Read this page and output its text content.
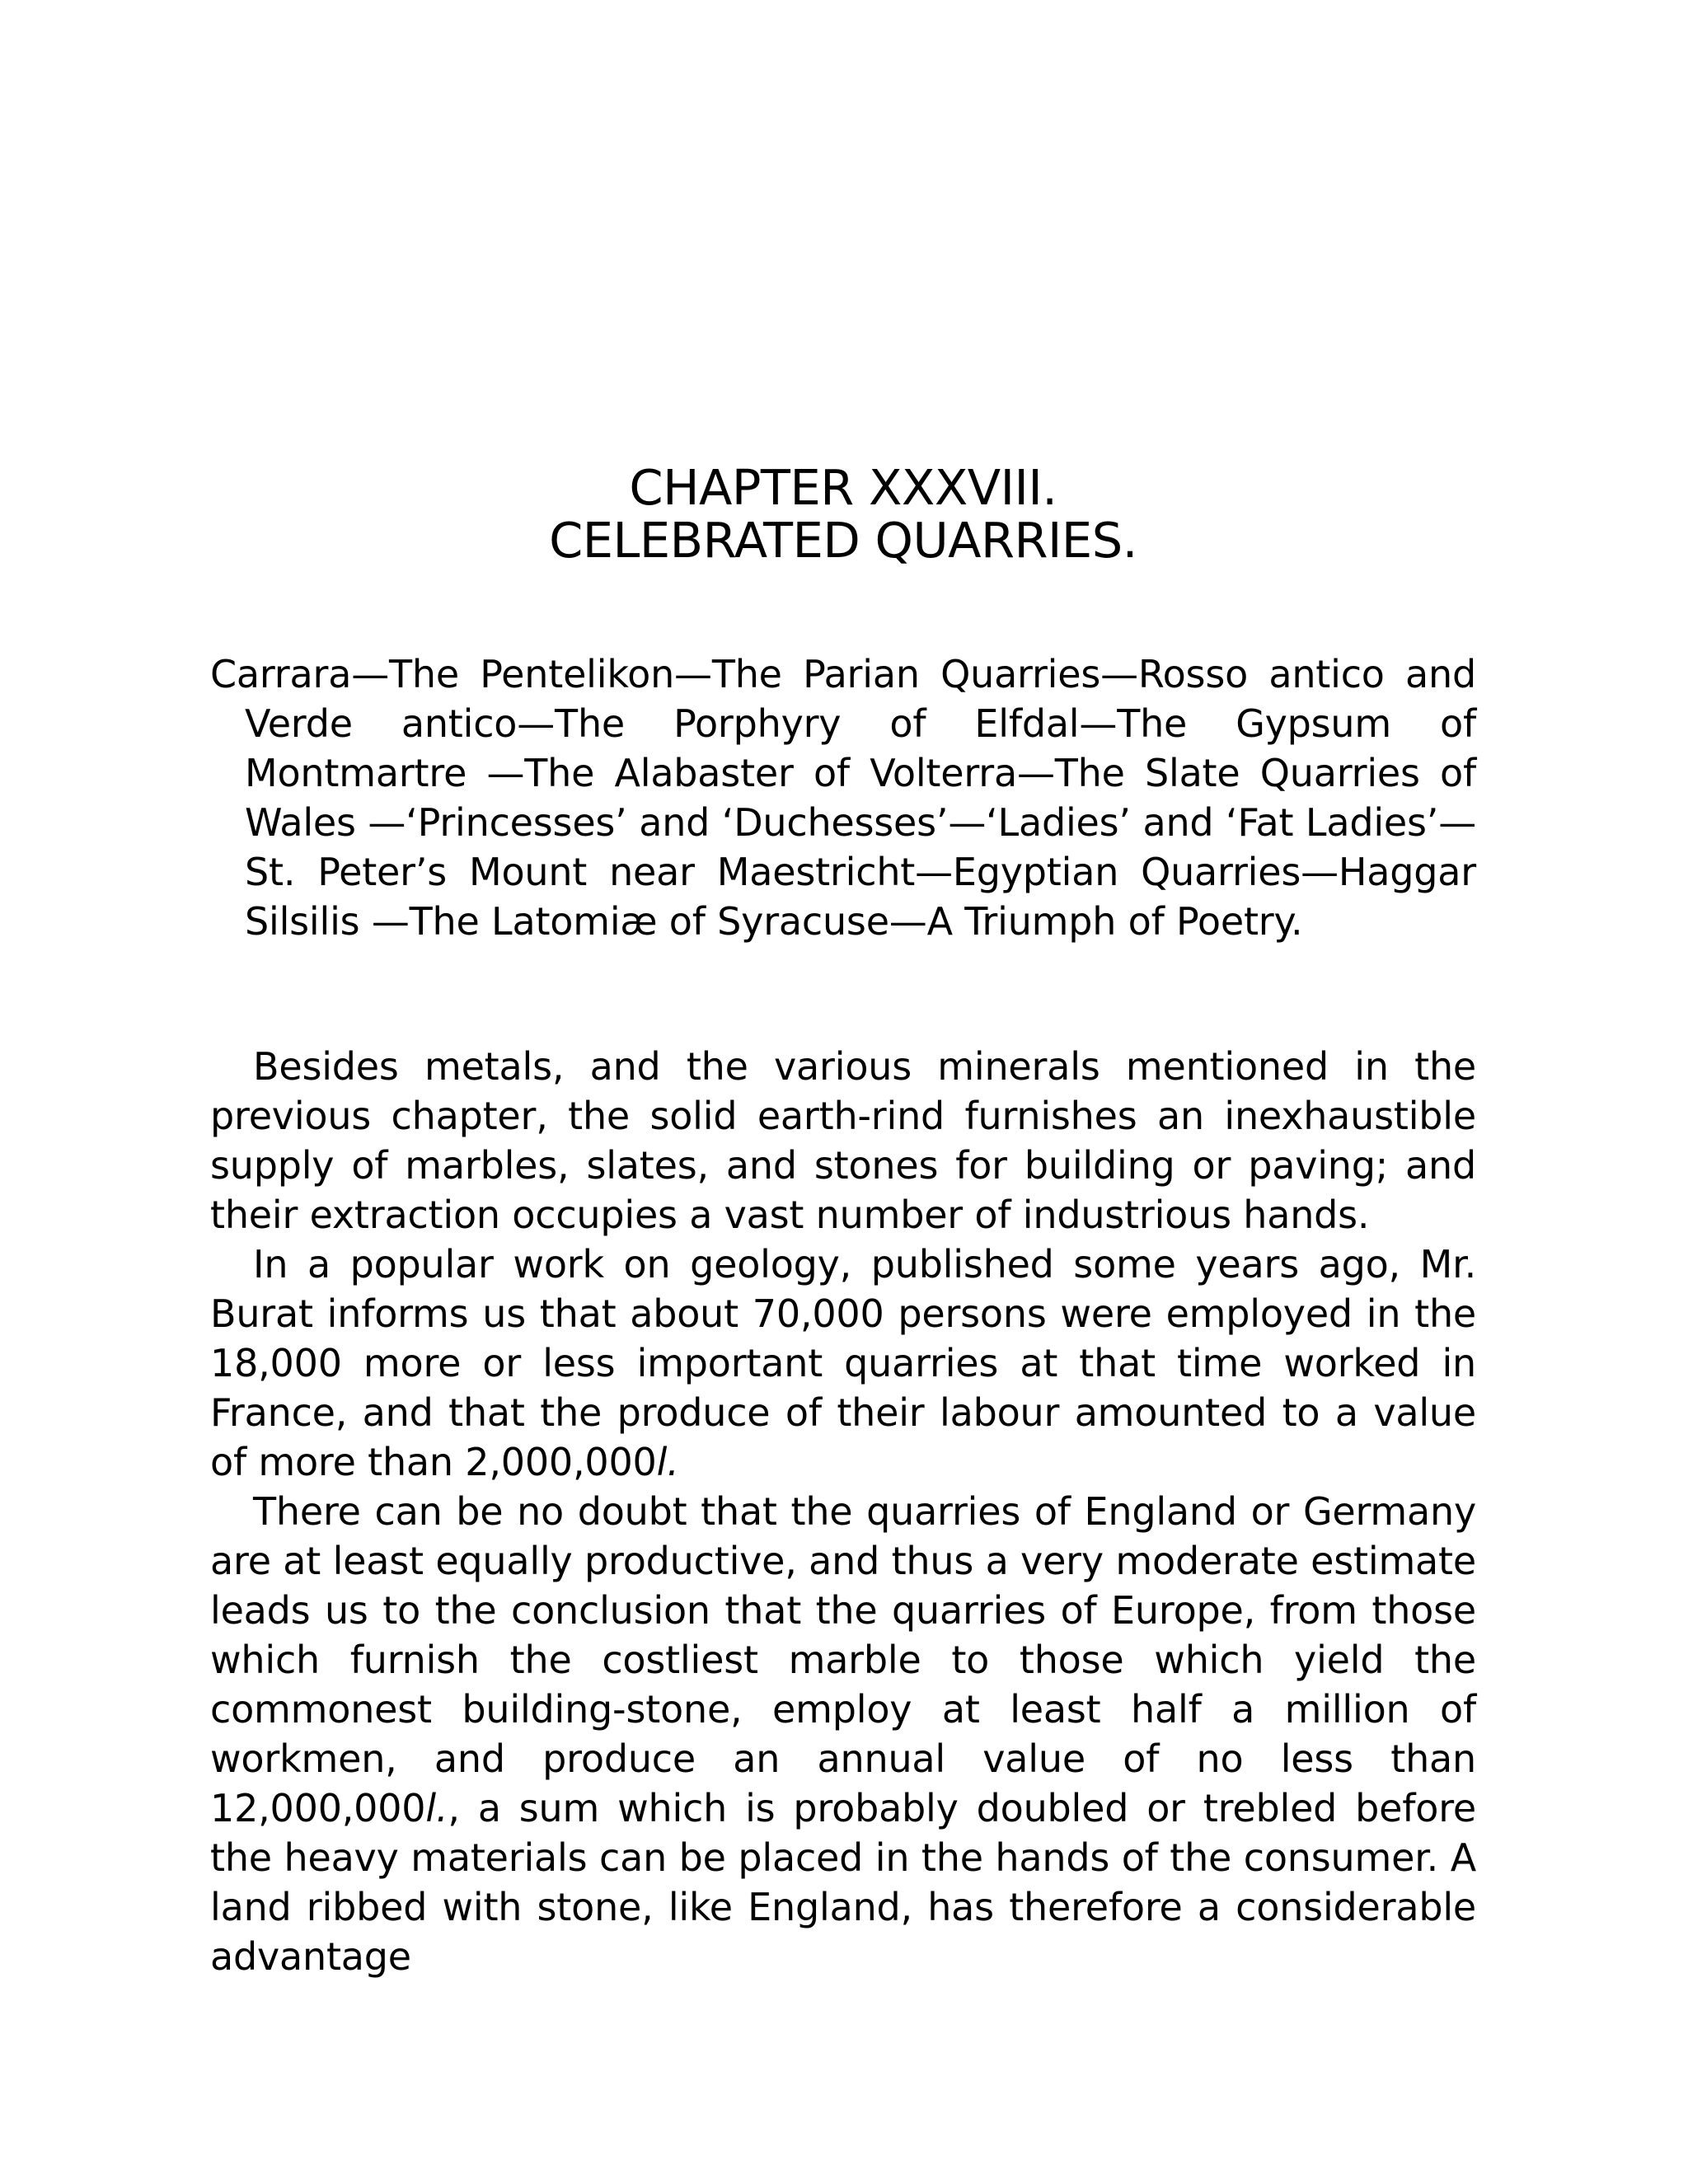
CHAPTER XXXVIII.
CELEBRATED QUARRIES.

Carrara—The Pentelikon—The Parian Quarries—Rosso antico and Verde antico—The Porphyry of Elfdal—The Gypsum of Montmartre —The Alabaster of Volterra—The Slate Quarries of Wales —‘Princesses’ and ‘Duchesses’—‘Ladies’ and ‘Fat Ladies’—St. Peter’s Mount near Maestricht—Egyptian Quarries—Haggar Silsilis —The Latomiæ of Syracuse—A Triumph of Poetry.

Besides metals, and the various minerals mentioned in the previous chapter, the solid earth-rind furnishes an inexhaustible supply of marbles, slates, and stones for building or paving; and their extraction occupies a vast number of industrious hands.

In a popular work on geology, published some years ago, Mr. Burat informs us that about 70,000 persons were employed in the 18,000 more or less important quarries at that time worked in France, and that the produce of their labour amounted to a value of more than 2,000,000l.

There can be no doubt that the quarries of England or Germany are at least equally productive, and thus a very moderate estimate leads us to the conclusion that the quarries of Europe, from those which furnish the costliest marble to those which yield the commonest building-stone, employ at least half a million of workmen, and produce an annual value of no less than 12,000,000l., a sum which is probably doubled or trebled before the heavy materials can be placed in the hands of the consumer. A land ribbed with stone, like England, has therefore a considerable advantage
